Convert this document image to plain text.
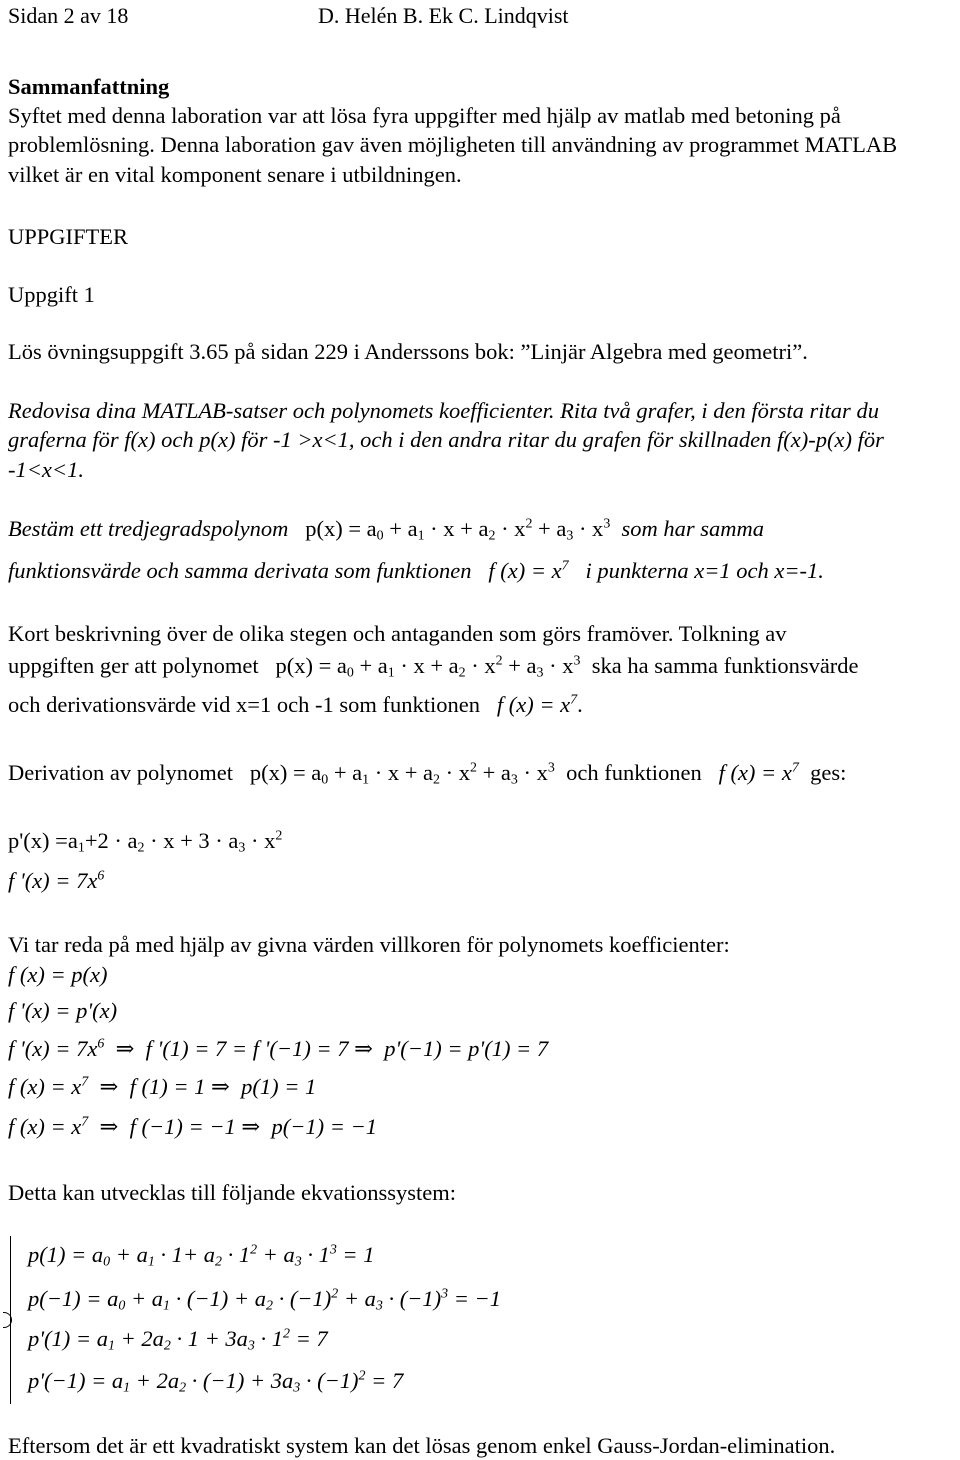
Sidan 2 av 18	D. Helén B. Ek C. Lindqvist
Sammanfattning
Syftet med denna laboration var att lösa fyra uppgifter med hjälp av matlab med betoning på problemlösning. Denna laboration gav även möjligheten till användning av programmet MATLAB vilket är en vital komponent senare i utbildningen.
UPPGIFTER
Uppgift 1
Lös övningsuppgift 3.65 på sidan 229 i Anderssons bok: ”Linjär Algebra med geometri”.
Redovisa dina MATLAB-satser och polynomets koefficienter. Rita två grafer, i den första ritar du graferna för f(x) och p(x) för -1 >x<1, och i den andra ritar du grafen för skillnaden f(x)-p(x) för -1<x<1.
Bestäm ett tredjegradspolynom   $p(x) = a_0 + a_1 \cdot x + a_2 \cdot x^2 + a_3 \cdot x^3$ som har samma
funktionsvärde och samma derivata som funktionen   f $(x) = x^7$ i punkterna x=1 och x=-1.
Kort beskrivning över de olika stegen och antaganden som görs framöver. Tolkning av
uppgiften ger att polynomet   $p(x) = a_0 + a_1 \cdot x + a_2 \cdot x^2 + a_3 \cdot x^3$ ska ha samma funktionsvärde
och derivationsvärde vid x=1 och -1 som funktionen   f $(x) = x^7$.
Derivation av polynomet   $p(x) = a_0 + a_1 \cdot x + a_2 \cdot x^2 + a_3 \cdot x^3$ och funktionen   f $(x) = x^7$ ges:
$p'(x) =a_1+2 \cdot a_2 \cdot x + 3 \cdot a_3 \cdot x^2$
f '$(x) = 7x^6$
Vi tar reda på med hjälp av givna värden villkoren för polynomets koefficienter:
f (x) = p(x)
f '(x) = p'(x)
f '$(x) = 7x^6$  ⇒  f '(1) = 7 = f '(−1) = 7 ⇒  p'(−1) = p'(1) = 7
f $(x) = x^7$  ⇒  f (1) = 1 ⇒  p(1) = 1
f $(x) = x^7$  ⇒  f (−1) = −1 ⇒  p(−1) = −1
Detta kan utvecklas till följande ekvationssystem:
$p(1) = a_0 + a_1 \cdot 1+ a_2 \cdot 1^2 + a_3 \cdot 1^3 = 1$
$p(-1) = a_0 + a_1 \cdot (-1) + a_2 \cdot (-1)^2 + a_3 \cdot (-1)^3 = -1$
$p'(1) = a_1 + 2a_2 \cdot 1 + 3a_3 \cdot 1^2 = 7$
$p'(-1) = a_1 + 2a_2 \cdot (-1) + 3a_3 \cdot (-1)^2 = 7$
Eftersom det är ett kvadratiskt system kan det lösas genom enkel Gauss-Jordan-elimination.
